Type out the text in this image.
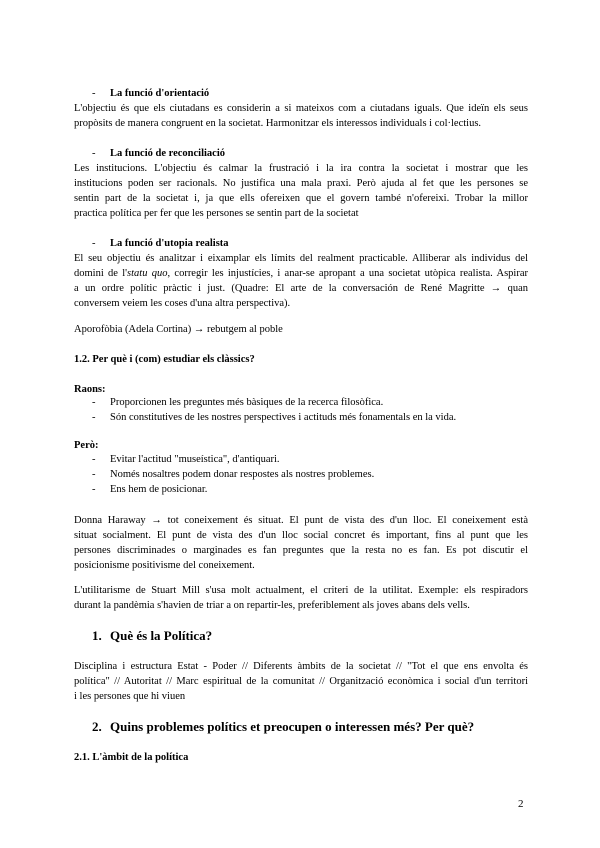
- La funció d'orientació
L'objectiu és que els ciutadans es considerin a si mateixos com a ciutadans iguals. Que ideïn els seus
propòsits de manera congruent en la societat. Harmonitzar els interessos individuals i col·lectius.
- La funció de reconciliació
Les institucions. L'objectiu és calmar la frustració i la ira contra la societat i mostrar que les
institucions poden ser racionals. No justifica una mala praxi. Però ajuda al fet que les persones se
sentin part de la societat i, ja que ells ofereixen que el govern també n'ofereixi. Trobar la millor
practica política per fer que les persones se sentin part de la societat
- La funció d'utopia realista
El seu objectiu és analitzar i eixamplar els límits del realment practicable. Alliberar als individus del
domini de l'statu quo, corregir les injustícies, i anar-se apropant a una societat utòpica realista. Aspirar
a un ordre polític pràctic i just. (Quadre: El arte de la conversación de René Magritte → quan
conversem veiem les coses d'una altra perspectiva).
Aporofòbia (Adela Cortina) → rebutgem al poble
1.2. Per què i (com) estudiar els clàssics?
Raons:
- Proporcionen les preguntes més bàsiques de la recerca filosòfica.
- Són constitutives de les nostres perspectives i actituds més fonamentals en la vida.
Però:
- Evitar l'actitud "museística", d'antiquari.
- Només nosaltres podem donar respostes als nostres problemes.
- Ens hem de posicionar.
Donna Haraway → tot coneixement és situat. El punt de vista des d'un lloc. El coneixement està
situat socialment. El punt de vista des d'un lloc social concret és important, fins al punt que les
persones discriminades o marginades es fan preguntes que la resta no es fan. Es pot discutir el
posicionisme positivisme del coneixement.
L'utilitarisme de Stuart Mill s'usa molt actualment, el criteri de la utilitat. Exemple: els respiradors
durant la pandèmia s'havien de triar a on repartir-les, preferiblement als joves abans dels vells.
1. Què és la Política?
Disciplina i estructura Estat - Poder // Diferents àmbits de la societat // "Tot el que ens envolta és
política" // Autoritat // Marc espiritual de la comunitat // Organització econòmica i social d'un territori
i les persones que hi viuen
2. Quins problemes polítics et preocupen o interessen més? Per què?
2.1. L'àmbit de la política
2
